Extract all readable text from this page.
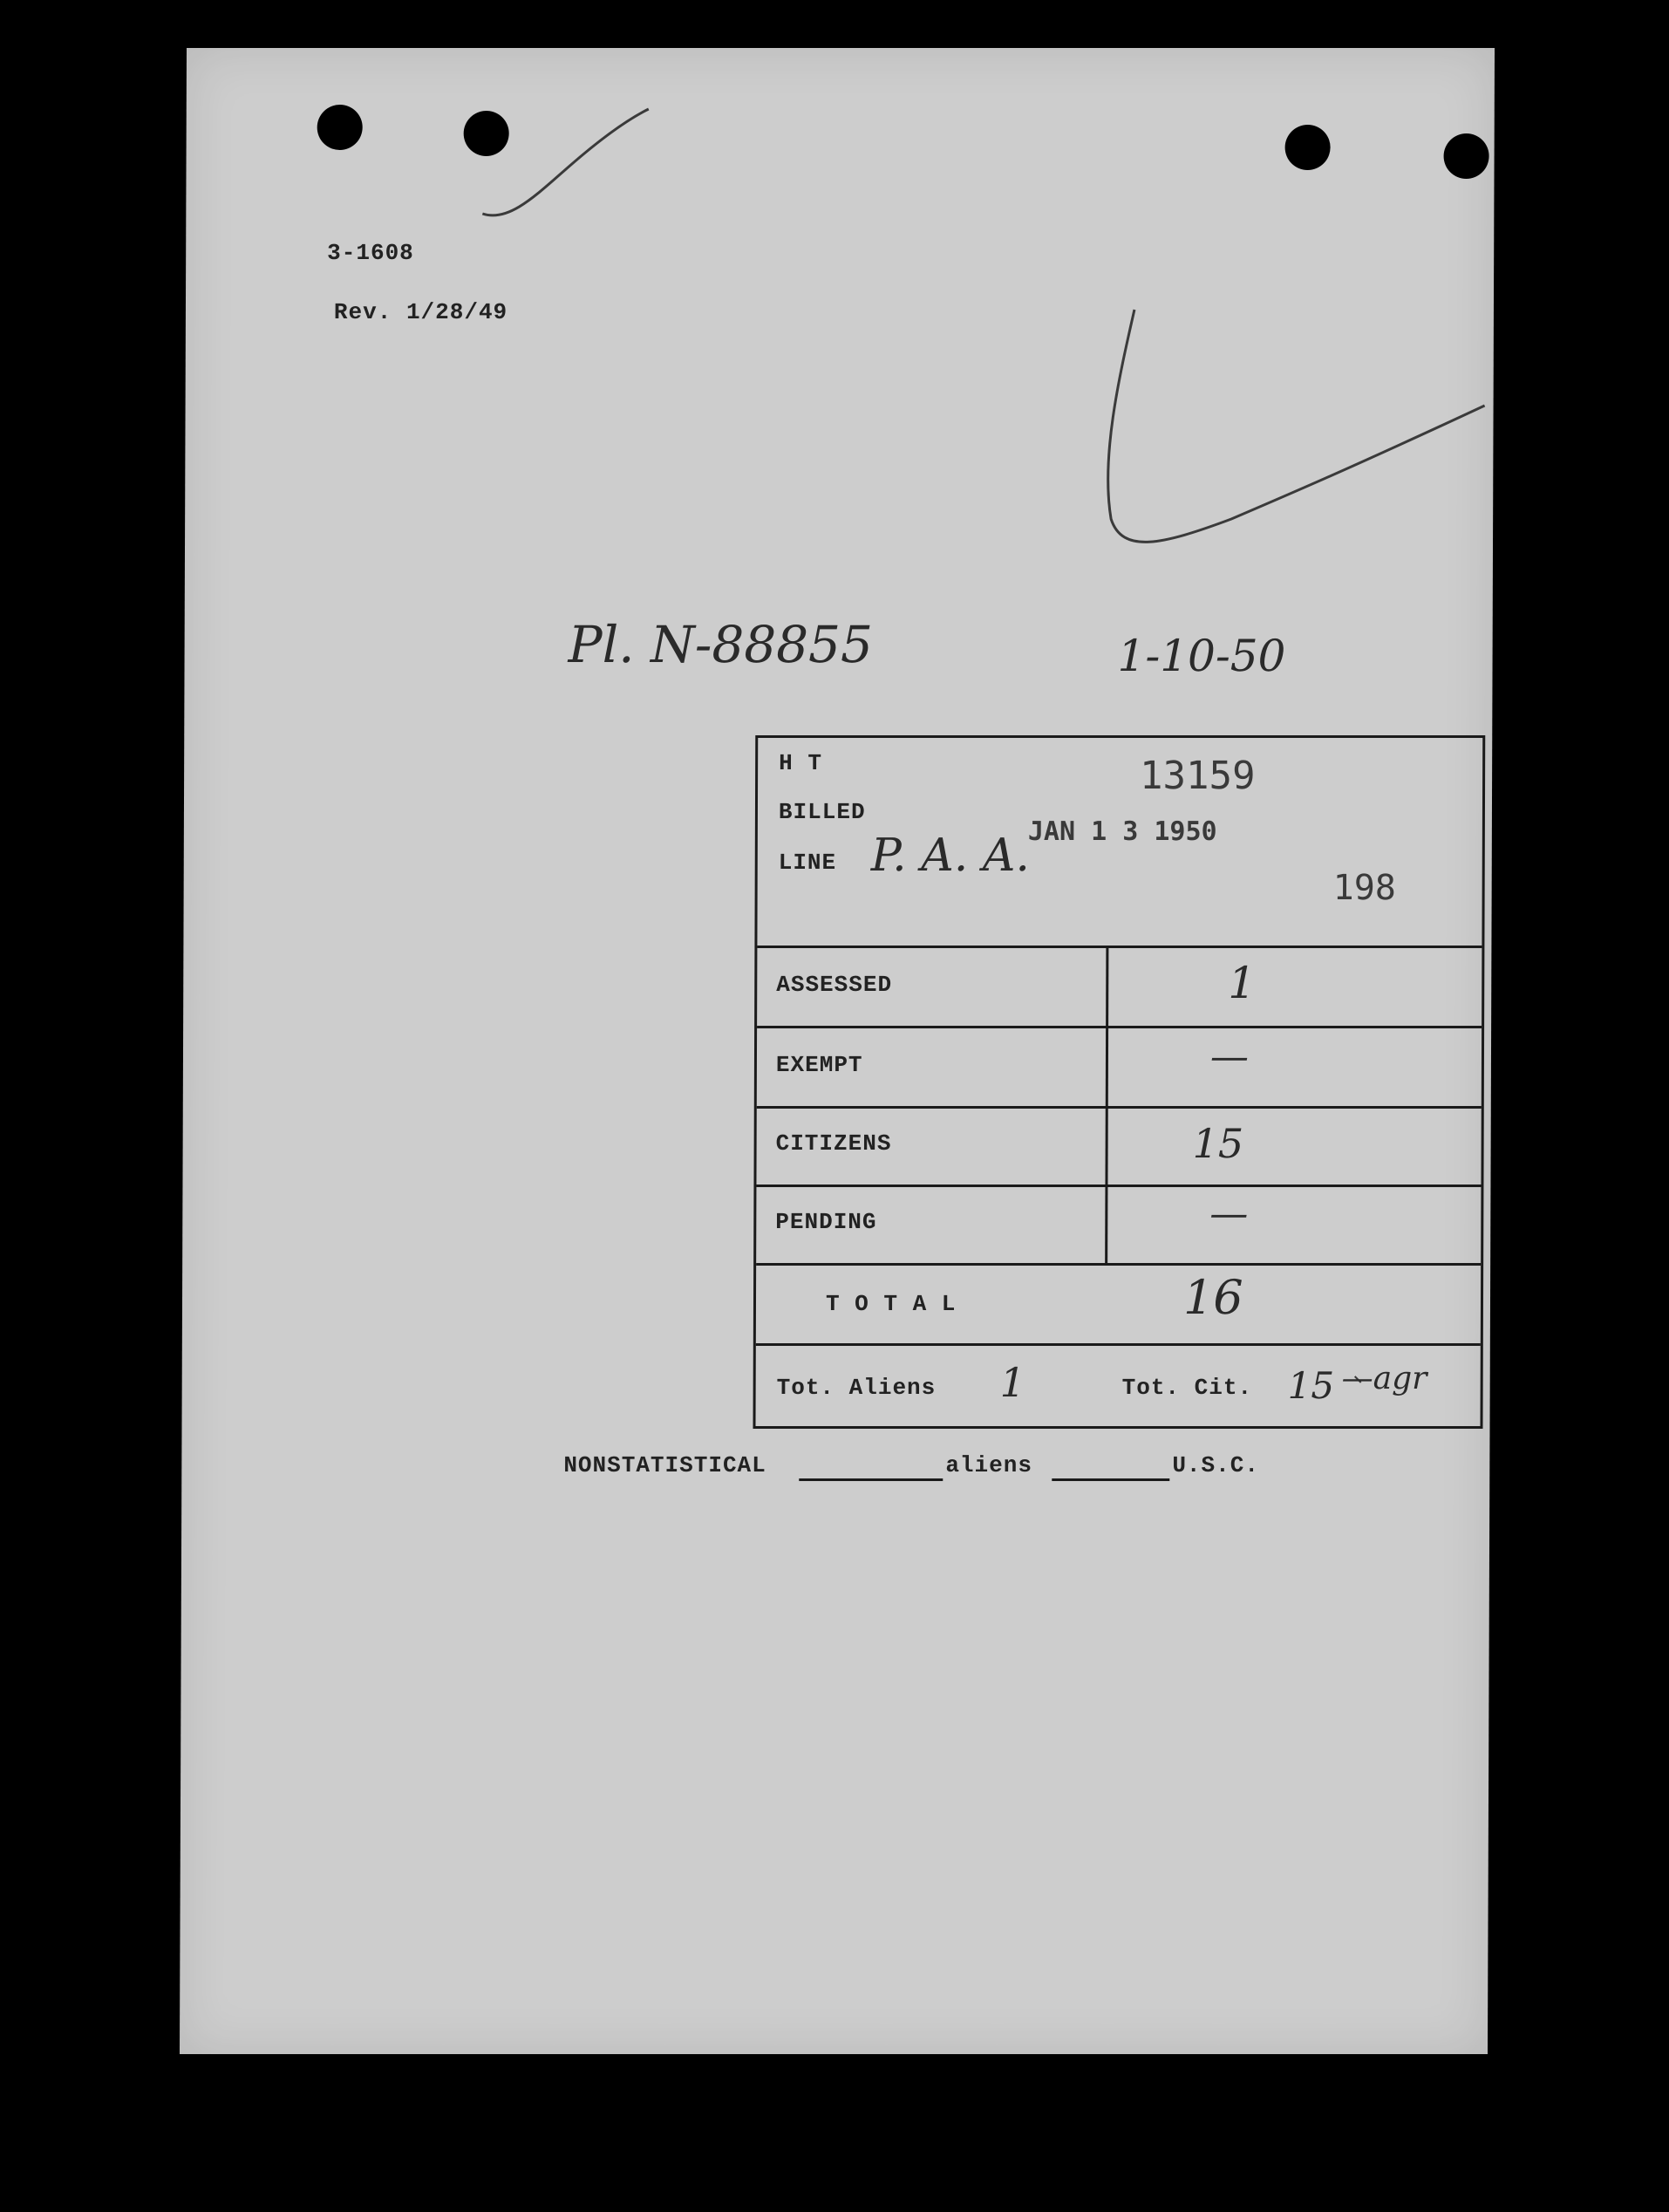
3-1608
Rev. 1/28/49
Pl. N-88855	1-10-50
198
—agr
H T	13159
BILLED
JAN 1 3 1950
LINE P. A. A.
ASSESSED	1
EXEMPT	—
CITIZENS	15
PENDING	—
T O T A L	16
Tot. Aliens 1	Tot. Cit. 15
NONSTATISTICAL	aliens	U.S.C.
